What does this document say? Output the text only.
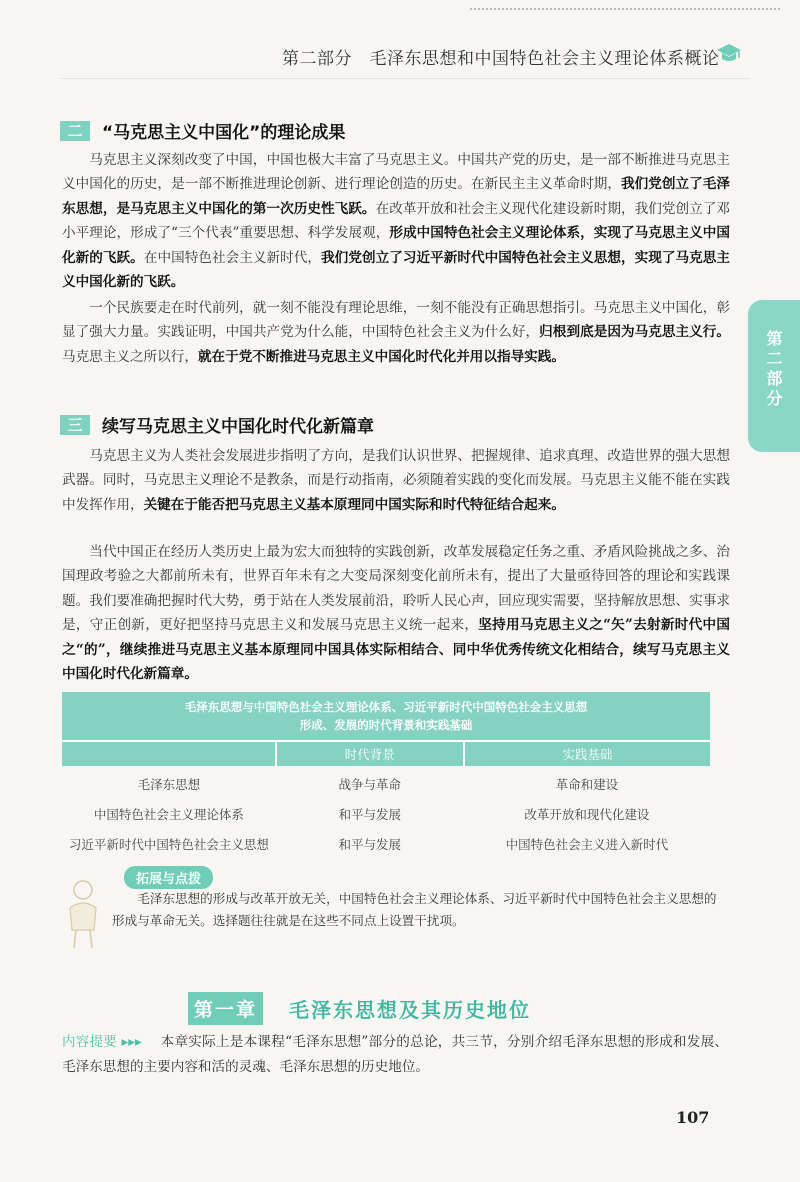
第二部分　毛泽东思想和中国特色社会主义理论体系概论
第二部分
二	“马克思主义中国化”的理论成果
马克思主义深刻改变了中国，中国也极大丰富了马克思主义。中国共产党的历史，是一部不断推进马克思主义中国化的历史，是一部不断推进理论创新、进行理论创造的历史。在新民主主义革命时期，我们党创立了毛泽东思想，是马克思主义中国化的第一次历史性飞跃。在改革开放和社会主义现代化建设新时期，我们党创立了邓小平理论，形成了“三个代表”重要思想、科学发展观，形成中国特色社会主义理论体系，实现了马克思主义中国化新的飞跃。在中国特色社会主义新时代，我们党创立了习近平新时代中国特色社会主义思想，实现了马克思主义中国化新的飞跃。
一个民族要走在时代前列，就一刻不能没有理论思维，一刻不能没有正确思想指引。马克思主义中国化，彰显了强大力量。实践证明，中国共产党为什么能，中国特色社会主义为什么好，归根到底是因为马克思主义行。马克思主义之所以行，就在于党不断推进马克思主义中国化时代化并用以指导实践。
三	续写马克思主义中国化时代化新篇章
马克思主义为人类社会发展进步指明了方向，是我们认识世界、把握规律、追求真理、改造世界的强大思想武器。同时，马克思主义理论不是教条，而是行动指南，必须随着实践的变化而发展。马克思主义能不能在实践中发挥作用，关键在于能否把马克思主义基本原理同中国实际和时代特征结合起来。
当代中国正在经历人类历史上最为宏大而独特的实践创新，改革发展稳定任务之重、矛盾风险挑战之多、治国理政考验之大都前所未有，世界百年未有之大变局深刻变化前所未有，提出了大量亟待回答的理论和实践课题。我们要准确把握时代大势，勇于站在人类发展前沿，聆听人民心声，回应现实需要，坚持解放思想、实事求是，守正创新，更好把坚持马克思主义和发展马克思主义统一起来，坚持用马克思主义之“矢”去射新时代中国之“的”，继续推进马克思主义基本原理同中国具体实际相结合、同中华优秀传统文化相结合，续写马克思主义中国化时代化新篇章。
毛泽东思想与中国特色社会主义理论体系、习近平新时代中国特色社会主义思想
形成、发展的时代背景和实践基础		

	时代背景	实践基础
毛泽东思想	战争与革命	革命和建设
中国特色社会主义理论体系	和平与发展	改革开放和现代化建设
习近平新时代中国特色社会主义思想	和平与发展	中国特色社会主义进入新时代
拓展与点拨
毛泽东思想的形成与改革开放无关，中国特色社会主义理论体系、习近平新时代中国特色社会主义思想的形成与革命无关。选择题往往就是在这些不同点上设置干扰项。
第一章	毛泽东思想及其历史地位
内容提要 ▸▸▸ 本章实际上是本课程“毛泽东思想”部分的总论，共三节，分别介绍毛泽东思想的形成和发展、毛泽东思想的主要内容和活的灵魂、毛泽东思想的历史地位。
107
